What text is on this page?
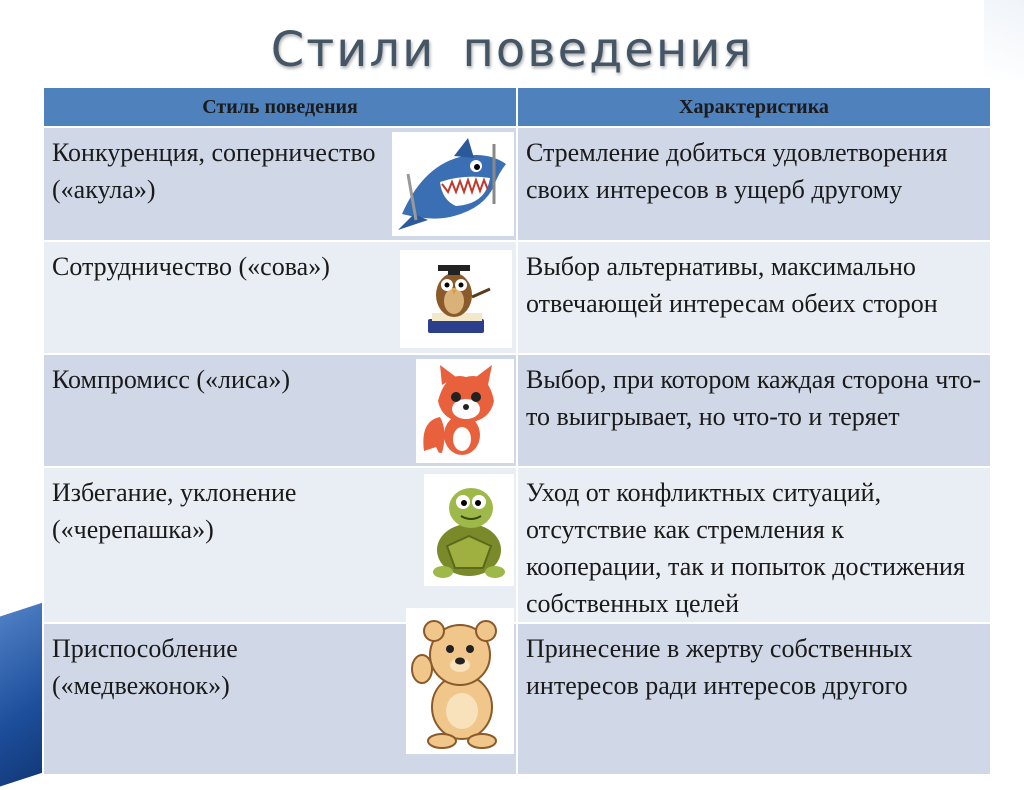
Стили поведения
Стиль поведения	Характеристика

Конкуренция, соперничество («акула»)	Стремление добиться удовлетворения своих интересов в ущерб другому

Сотрудничество («сова»)	Выбор альтернативы, максимально отвечающей интересам обеих сторон

Компромисс («лиса»)	Выбор, при котором каждая сторона что-то выигрывает, но что-то и теряет

Избегание, уклонение («черепашка»)	Уход от конфликтных ситуаций, отсутствие как стремления к кооперации, так и попыток достижения собственных целей

Приспособление («медвежонок»)	Принесение в жертву собственных интересов ради интересов другого
